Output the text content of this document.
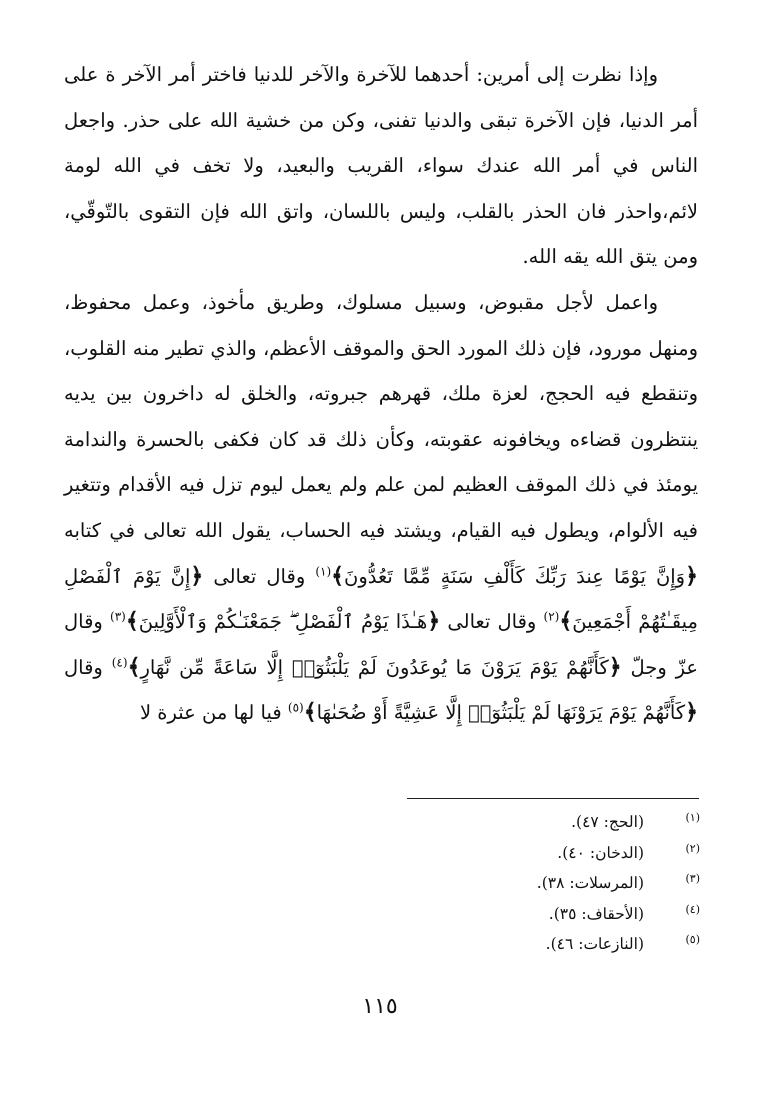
وإذا نظرت إلى أمرين: أحدهما للآخرة والآخر للدنيا فاختر أمر الآخر ة على أمر الدنيا، فإن الآخرة تبقى والدنيا تفنى، وكن من خشية الله على حذر. واجعل الناس في أمر الله عندك سواء، القريب والبعيد، ولا تخف في الله لومة لائم،واحذر فان الحذر بالقلب، وليس باللسان، واتق الله فإن التقوى بالتّوقّي، ومن يتق الله يقه الله.

واعمل لأجل مقبوض، وسبيل مسلوك، وطريق مأخوذ، وعمل محفوظ، ومنهل مورود، فإن ذلك المورد الحق والموقف الأعظم، والذي تطير منه القلوب، وتنقطع فيه الحجج، لعزة ملك، قهرهم جبروته، والخلق له داخرون بين يديه ينتظرون قضاءه ويخافونه عقوبته، وكأن ذلك قد كان فكفى بالحسرة والندامة يومئذ في ذلك الموقف العظيم لمن علم ولم يعمل ليوم تزل فيه الأقدام وتتغير فيه الألوام، ويطول فيه القيام، ويشتد فيه الحساب، يقول الله تعالى في كتابه ﴿وَإِنَّ يَوْمًا عِندَ رَبِّكَ كَأَلْفِ سَنَةٍ مِّمَّا تَعُدُّونَ﴾$^{(١)}$ وقال تعالى ﴿إِنَّ يَوْمَ ٱلْفَصْلِ مِيقَـٰتُهُمْ أَجْمَعِينَ﴾$^{(٢)}$ وقال تعالى ﴿هَـٰذَا يَوْمُ ٱلْفَصْلِ ۖ جَمَعْنَـٰكُمْ وَٱلْأَوَّلِينَ﴾$^{(٣)}$ وقال عزّ وجلّ ﴿كَأَنَّهُمْ يَوْمَ يَرَوْنَ مَا يُوعَدُونَ لَمْ يَلْبَثُوٓا۟ إِلَّا سَاعَةً مِّن نَّهَارٍ﴾$^{(٤)}$ وقال ﴿كَأَنَّهُمْ يَوْمَ يَرَوْنَهَا لَمْ يَلْبَثُوٓا۟ إِلَّا عَشِيَّةً أَوْ ضُحَىٰهَا﴾$^{(٥)}$ فيا لها من عثرة لا

(١)
(الحج: ٤٧).
(٢)
(الدخان: ٤٠).
(٣)
(المرسلات: ٣٨).
(٤)
(الأحقاف: ٣٥).
(٥)
(النازعات: ٤٦).
١١٥
